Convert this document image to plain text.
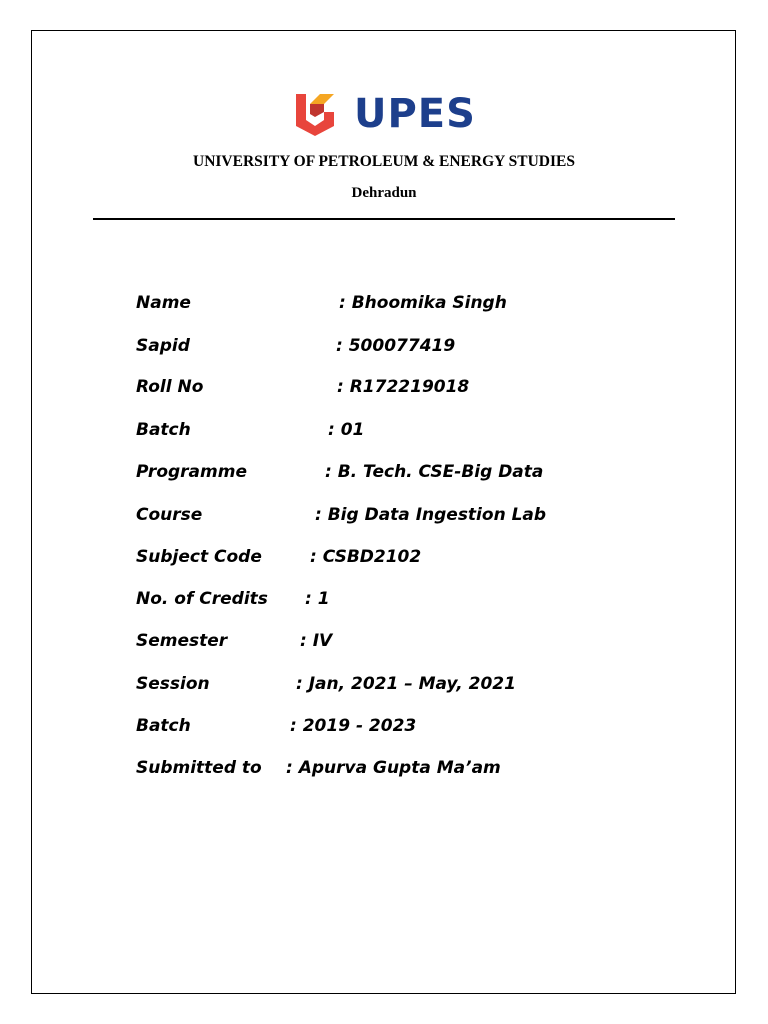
UPES
UNIVERSITY OF PETROLEUM & ENERGY STUDIES
Dehradun
Name	: Bhoomika Singh
Sapid	: 500077419
Roll No	: R172219018
Batch	: 01
Programme	: B. Tech. CSE-Big Data
Course	: Big Data Ingestion Lab
Subject Code	: CSBD2102
No. of Credits : 1
Semester	: IV
Session	: Jan, 2021 – May, 2021
Batch	: 2019 - 2023
Submitted to : Apurva Gupta Ma’am
